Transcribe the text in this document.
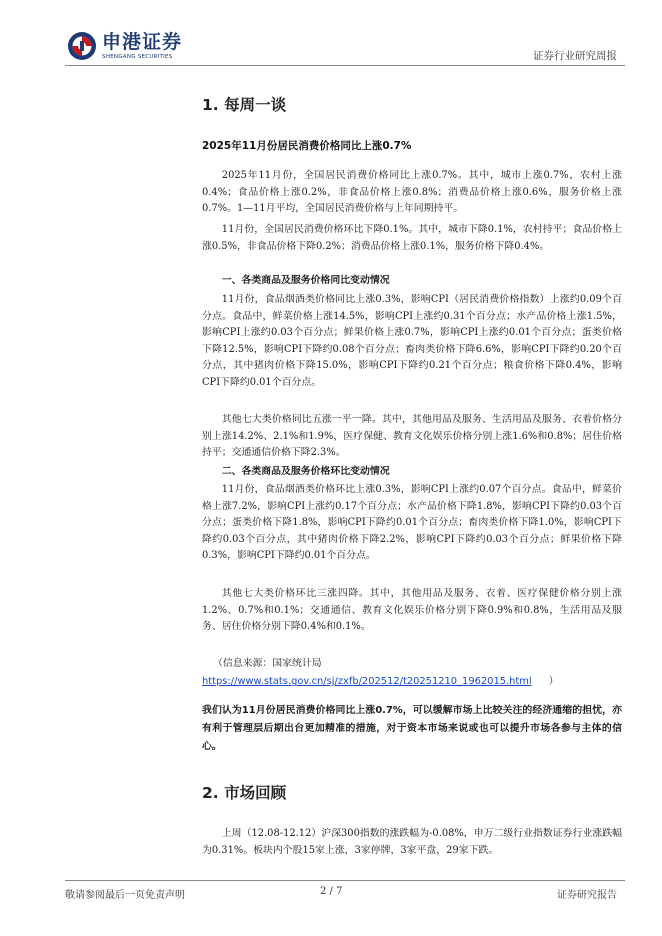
申港证券
SHENGANG SECURITIES	证券行业研究周报
1. 每周一谈
2025年11月份居民消费价格同比上涨0.7%

2025年11月份，全国居民消费价格同比上涨0.7%。其中，城市上涨0.7%，农村上涨0.4%；食品价格上涨0.2%，非食品价格上涨0.8%；消费品价格上涨0.6%，服务价格上涨0.7%。1—11月平均，全国居民消费价格与上年同期持平。

11月份，全国居民消费价格环比下降0.1%。其中，城市下降0.1%，农村持平；食品价格上涨0.5%，非食品价格下降0.2%；消费品价格上涨0.1%，服务价格下降0.4%。

一、各类商品及服务价格同比变动情况

11月份，食品烟酒类价格同比上涨0.3%，影响CPI（居民消费价格指数）上涨约0.09个百分点。食品中，鲜菜价格上涨14.5%，影响CPI上涨约0.31个百分点；水产品价格上涨1.5%，影响CPI上涨约0.03个百分点；鲜果价格上涨0.7%，影响CPI上涨约0.01个百分点；蛋类价格下降12.5%，影响CPI下降约0.08个百分点；畜肉类价格下降6.6%，影响CPI下降约0.20个百分点，其中猪肉价格下降15.0%，影响CPI下降约0.21个百分点；粮食价格下降0.4%，影响CPI下降约0.01个百分点。

其他七大类价格同比五涨一平一降。其中，其他用品及服务、生活用品及服务、衣着价格分别上涨14.2%、2.1%和1.9%，医疗保健、教育文化娱乐价格分别上涨1.6%和0.8%；居住价格持平；交通通信价格下降2.3%。

二、各类商品及服务价格环比变动情况

11月份，食品烟酒类价格环比上涨0.3%，影响CPI上涨约0.07个百分点。食品中，鲜菜价格上涨7.2%，影响CPI上涨约0.17个百分点；水产品价格下降1.8%，影响CPI下降约0.03个百分点；蛋类价格下降1.8%，影响CPI下降约0.01个百分点；畜肉类价格下降1.0%，影响CPI下降约0.03个百分点，其中猪肉价格下降2.2%，影响CPI下降约0.03个百分点；鲜果价格下降0.3%，影响CPI下降约0.01个百分点。

其他七大类价格环比三涨四降。其中，其他用品及服务、衣着、医疗保健价格分别上涨1.2%、0.7%和0.1%；交通通信、教育文化娱乐价格分别下降0.9%和0.8%，生活用品及服务、居住价格分别下降0.4%和0.1%。

（信息来源：国家统计局
https://www.stats.gov.cn/sj/zxfb/202512/t20251210_1962015.html ）

我们认为11月份居民消费价格同比上涨0.7%，可以缓解市场上比较关注的经济通缩的担忧，亦有利于管理层后期出台更加精准的措施，对于资本市场来说或也可以提升市场各参与主体的信心。

2. 市场回顾

上周（12.08-12.12）沪深300指数的涨跌幅为-0.08%，申万二级行业指数证券行业涨跌幅为0.31%。板块内个股15家上涨，3家停牌，3家平盘，29家下跌。

敬请参阅最后一页免责声明	2 / 7	证券研究报告
